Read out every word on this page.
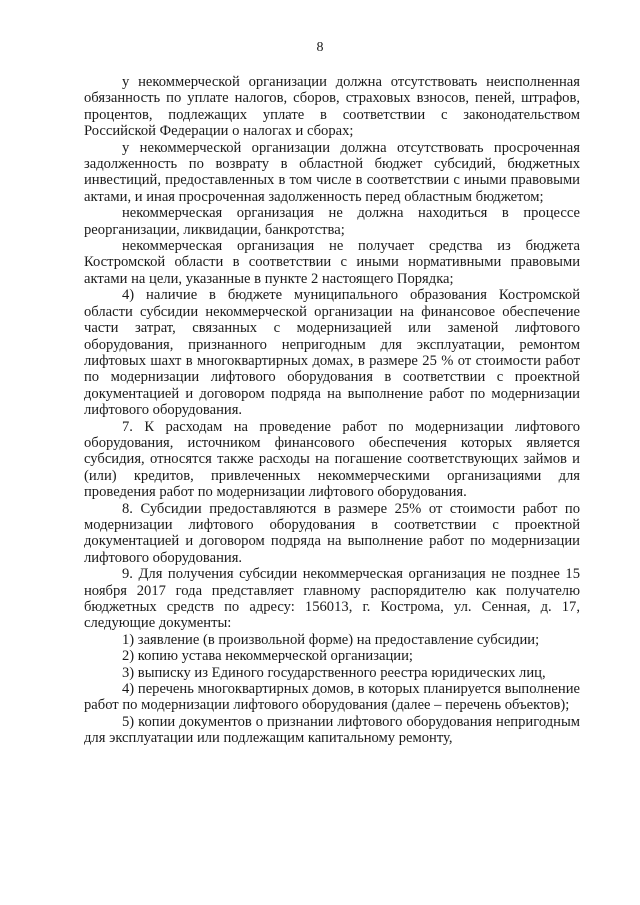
8

у некоммерческой организации должна отсутствовать неисполненная обязанность по уплате налогов, сборов, страховых взносов, пеней, штрафов, процентов, подлежащих уплате в соответствии с законодательством Российской Федерации о налогах и сборах;

у некоммерческой организации должна отсутствовать просроченная задолженность по возврату в областной бюджет субсидий, бюджетных инвестиций, предоставленных в том числе в соответствии с иными правовыми актами, и иная просроченная задолженность перед областным бюджетом;

некоммерческая организация не должна находиться в процессе реорганизации, ликвидации, банкротства;

некоммерческая организация не получает средства из бюджета Костромской области в соответствии с иными нормативными правовыми актами на цели, указанные в пункте 2 настоящего Порядка;

4) наличие в бюджете муниципального образования Костромской области субсидии некоммерческой организации на финансовое обеспечение части затрат, связанных с модернизацией или заменой лифтового оборудования, признанного непригодным для эксплуатации, ремонтом лифтовых шахт в многоквартирных домах, в размере 25 % от стоимости работ по модернизации лифтового оборудования в соответствии с проектной документацией и договором подряда на выполнение работ по модернизации лифтового оборудования.

7. К расходам на проведение работ по модернизации лифтового оборудования, источником финансового обеспечения которых является субсидия, относятся также расходы на погашение соответствующих займов и (или) кредитов, привлеченных некоммерческими организациями для проведения работ по модернизации лифтового оборудования.

8. Субсидии предоставляются в размере 25% от стоимости работ по модернизации лифтового оборудования в соответствии с проектной документацией и договором подряда на выполнение работ по модернизации лифтового оборудования.

9. Для получения субсидии некоммерческая организация не позднее 15 ноября 2017 года представляет главному распорядителю как получателю бюджетных средств по адресу: 156013, г. Кострома, ул. Сенная, д. 17, следующие документы:

1) заявление (в произвольной форме) на предоставление субсидии;

2) копию устава некоммерческой организации;

3) выписку из Единого государственного реестра юридических лиц,

4) перечень многоквартирных домов, в которых планируется выполнение работ по модернизации лифтового оборудования (далее – перечень объектов);

5) копии документов о признании лифтового оборудования непригодным для эксплуатации или подлежащим капитальному ремонту,
